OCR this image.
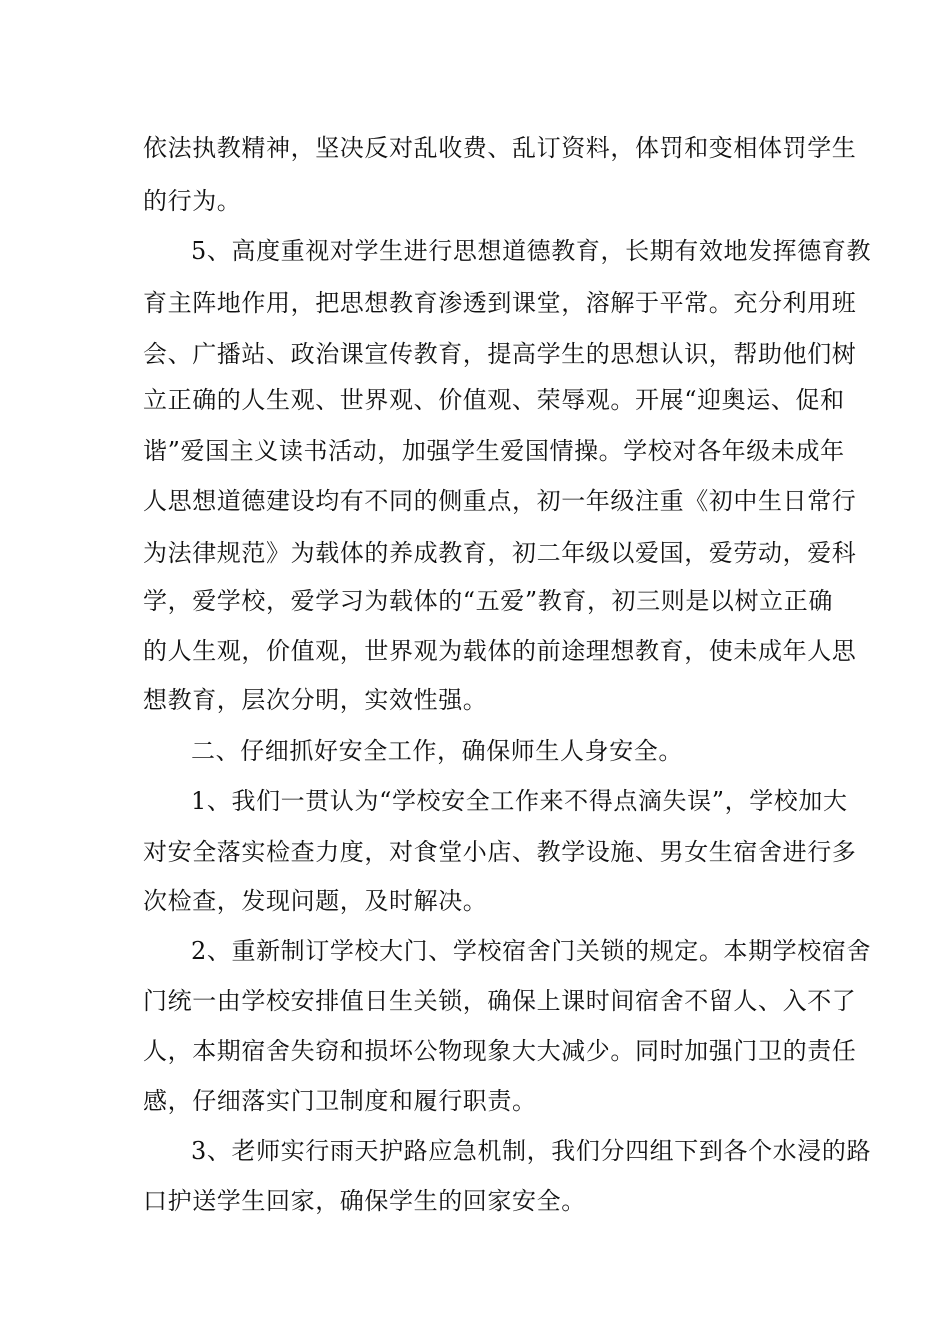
依法执教精神，坚决反对乱收费、乱订资料，体罚和变相体罚学生
的行为。
5、高度重视对学生进行思想道德教育，长期有效地发挥德育教
育主阵地作用，把思想教育渗透到课堂，溶解于平常。充分利用班
会、广播站、政治课宣传教育，提高学生的思想认识，帮助他们树
立正确的人生观、世界观、价值观、荣辱观。开展“迎奥运、促和
谐”爱国主义读书活动，加强学生爱国情操。学校对各年级未成年
人思想道德建设均有不同的侧重点，初一年级注重《初中生日常行
为法律规范》为载体的养成教育，初二年级以爱国，爱劳动，爱科
学，爱学校，爱学习为载体的“五爱”教育，初三则是以树立正确
的人生观，价值观，世界观为载体的前途理想教育，使未成年人思
想教育，层次分明，实效性强。
二、仔细抓好安全工作，确保师生人身安全。
1、我们一贯认为“学校安全工作来不得点滴失误”，学校加大
对安全落实检查力度，对食堂小店、教学设施、男女生宿舍进行多
次检查，发现问题，及时解决。
2、重新制订学校大门、学校宿舍门关锁的规定。本期学校宿舍
门统一由学校安排值日生关锁，确保上课时间宿舍不留人、入不了
人，本期宿舍失窃和损坏公物现象大大减少。同时加强门卫的责任
感，仔细落实门卫制度和履行职责。
3、老师实行雨天护路应急机制，我们分四组下到各个水浸的路
口护送学生回家，确保学生的回家安全。
